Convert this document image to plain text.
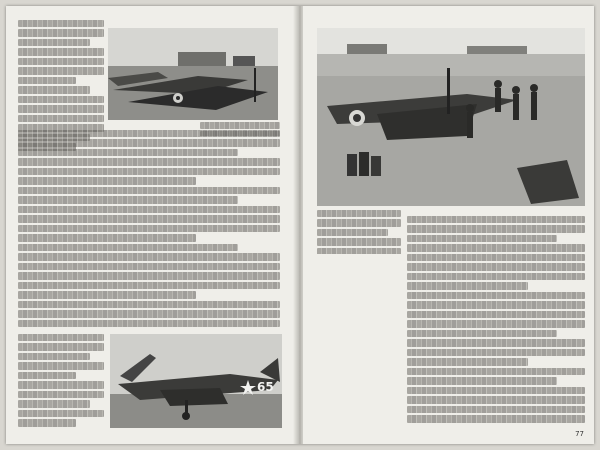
65
77
